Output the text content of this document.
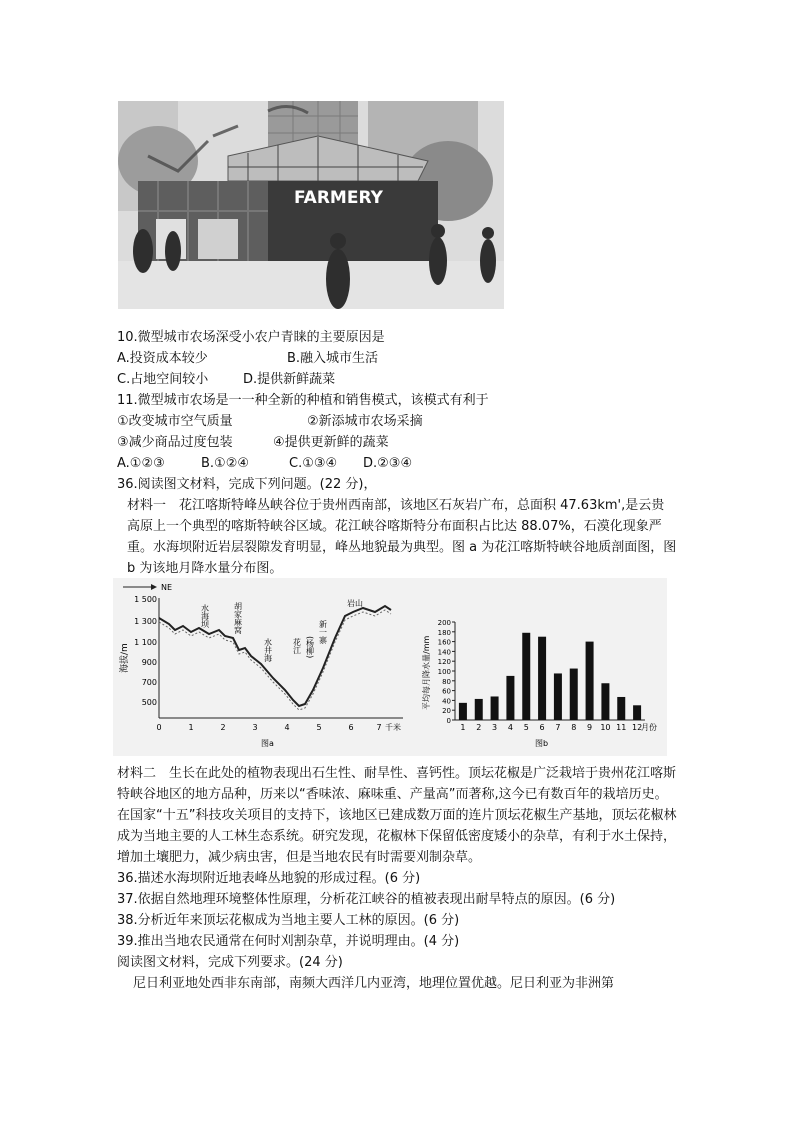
FARMERY
10.微型城市农场深受小农户青睐的主要原因是
A.投资成本较少	B.融入城市生活
C.占地空间较小	D.提供新鲜蔬菜
11.微型城市农场是一一种全新的种植和销售模式，该模式有利于
①改变城市空气质量	②新添城市农场采摘
③减少商品过度包装	④提供更新鲜的蔬菜
A.①②③	B.①②④	C.①③④ D.②③④
36.阅读图文材料，完成下列问题。(22 分)，
材料一　花江喀斯特峰丛峡谷位于贵州西南部，该地区石灰岩广布，总面积 47.63km',是云贵高原上一个典型的喀斯特峡谷区域。花江峡谷喀斯特分布面积占比达 88.07%，石漠化现象严重。水海坝附近岩层裂隙发育明显，峰丛地貌最为典型。图 a 为花江喀斯特峡谷地质剖面图，图 b 为该地月降水量分布图。
NE
海拔/m
1 500
1 300
1 100
900
700
500
0	1	2	3	4	5	6	7 千米
图a
水海坝	胡家麻窝
水井海	花江 (杨柳)
新一寨
岩山
0
20
40
60
80
100
120
140
160
180
200
1 2 3 4 5 6 7 8 9 10 11 12
月份
平均每月降水量/mm
图b
材料二　生长在此处的植物表现出石生性、耐旱性、喜钙性。顶坛花椒是广泛栽培于贵州花江喀斯特峡谷地区的地方品种，历来以“香味浓、麻味重、产量高”而著称,这今已有数百年的栽培历史。在国家“十五”科技攻关项目的支持下，该地区已建成数万面的连片顶坛花椒生产基地，顶坛花椒林成为当地主要的人工林生态系统。研究发现，花椒林下保留低密度矮小的杂草，有利于水土保持，增加土壤肥力，减少病虫害，但是当地农民有时需要刈制杂草。
36.描述水海坝附近地表峰丛地貌的形成过程。(6 分)
37.依据自然地理环境整体性原理，分析花江峡谷的植被表现出耐旱特点的原因。(6 分)
38.分析近年来顶坛花椒成为当地主要人工林的原因。(6 分)
39.推出当地农民通常在何时刈割杂草，并说明理由。(4 分)
阅读图文材料，完成下列要求。(24 分)
尼日利亚地处西非东南部，南频大西洋几内亚湾，地理位置优越。尼日利亚为非洲第
